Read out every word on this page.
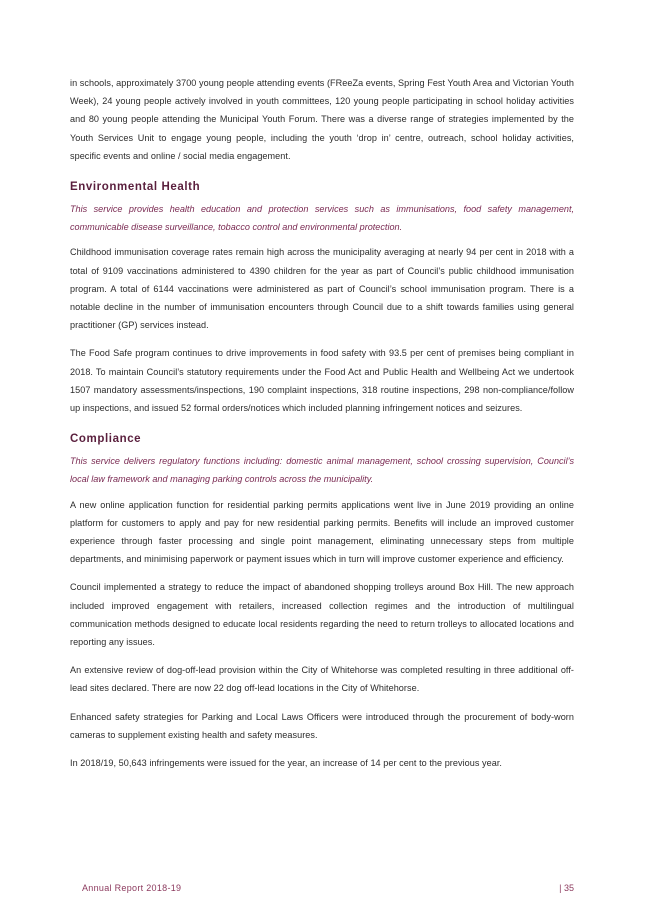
in schools, approximately 3700 young people attending events (FReeZa events, Spring Fest Youth Area and Victorian Youth Week), 24 young people actively involved in youth committees, 120 young people participating in school holiday activities and 80 young people attending the Municipal Youth Forum. There was a diverse range of strategies implemented by the Youth Services Unit to engage young people, including the youth ‘drop in’ centre, outreach, school holiday activities, specific events and online / social media engagement.

Environmental Health

This service provides health education and protection services such as immunisations, food safety management, communicable disease surveillance, tobacco control and environmental protection.

Childhood immunisation coverage rates remain high across the municipality averaging at nearly 94 per cent in 2018 with a total of 9109 vaccinations administered to 4390 children for the year as part of Council’s public childhood immunisation program. A total of 6144 vaccinations were administered as part of Council’s school immunisation program. There is a notable decline in the number of immunisation encounters through Council due to a shift towards families using general practitioner (GP) services instead.

The Food Safe program continues to drive improvements in food safety with 93.5 per cent of premises being compliant in 2018. To maintain Council’s statutory requirements under the Food Act and Public Health and Wellbeing Act we undertook 1507 mandatory assessments/inspections, 190 complaint inspections, 318 routine inspections, 298 non-compliance/follow up inspections, and issued 52 formal orders/notices which included planning infringement notices and seizures.

Compliance

This service delivers regulatory functions including: domestic animal management, school crossing supervision, Council’s local law framework and managing parking controls across the municipality.

A new online application function for residential parking permits applications went live in June 2019 providing an online platform for customers to apply and pay for new residential parking permits. Benefits will include an improved customer experience through faster processing and single point management, eliminating unnecessary steps from multiple departments, and minimising paperwork or payment issues which in turn will improve customer experience and efficiency.

Council implemented a strategy to reduce the impact of abandoned shopping trolleys around Box Hill. The new approach included improved engagement with retailers, increased collection regimes and the introduction of multilingual communication methods designed to educate local residents regarding the need to return trolleys to allocated locations and reporting any issues.

An extensive review of dog-off-lead provision within the City of Whitehorse was completed resulting in three additional off-lead sites declared. There are now 22 dog off-lead locations in the City of Whitehorse.

Enhanced safety strategies for Parking and Local Laws Officers were introduced through the procurement of body-worn cameras to supplement existing health and safety measures.

In 2018/19, 50,643 infringements were issued for the year, an increase of 14 per cent to the previous year.

Annual Report 2018-19	| 35
